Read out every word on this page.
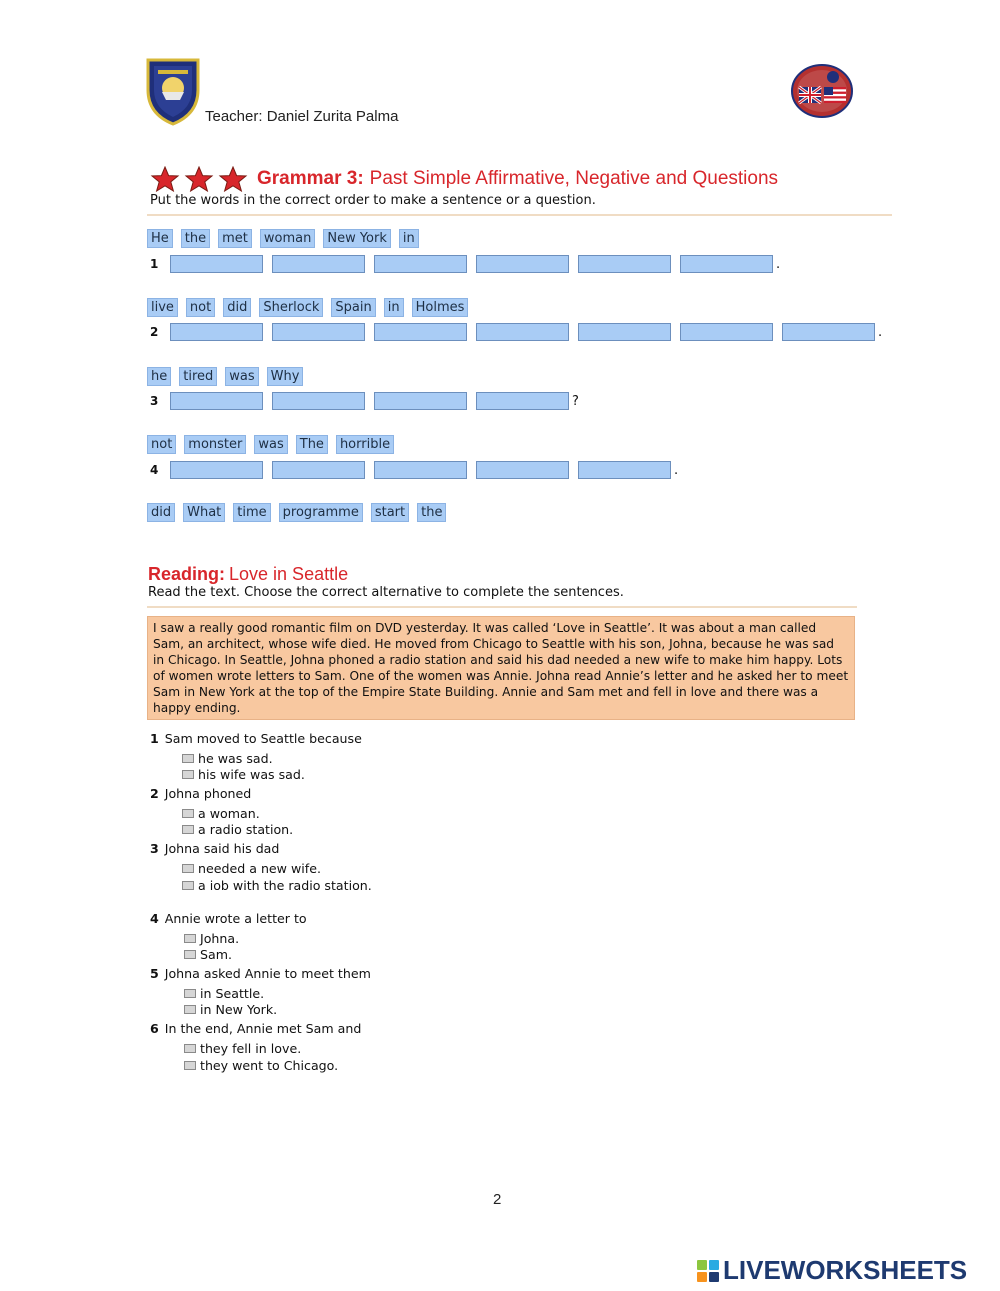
Teacher: Daniel Zurita Palma
Grammar 3: Past Simple Affirmative, Negative and Questions
Put the words in the correct order to make a sentence or a question.
He	the	met	woman	New York	in
1	.
live	not	did	Sherlock	Spain	in	Holmes
2	.
he	tired	was	Why
3	?
not	monster	was	The	horrible
4	.
did	What	time	programme	start	the
Reading: Love in Seattle
Read the text. Choose the correct alternative to complete the sentences.
I saw a really good romantic film on DVD yesterday. It was called ‘Love in Seattle’. It was about a man called Sam, an architect, whose wife died. He moved from Chicago to Seattle with his son, Johna, because he was sad in Chicago. In Seattle, Johna phoned a radio station and said his dad needed a new wife to make him happy. Lots of women wrote letters to Sam. One of the women was Annie. Johna read Annie’s letter and he asked her to meet Sam in New York at the top of the Empire State Building. Annie and Sam met and fell in love and there was a happy ending.
1 Sam moved to Seattle because
he was sad.
his wife was sad.
2 Johna phoned
a woman.
a radio station.
3 Johna said his dad
needed a new wife.
a iob with the radio station.
4 Annie wrote a letter to
Johna.
Sam.
5 Johna asked Annie to meet them
in Seattle.
in New York.
6 In the end, Annie met Sam and
they fell in love.
they went to Chicago.
2
LIVEWORKSHEETS
